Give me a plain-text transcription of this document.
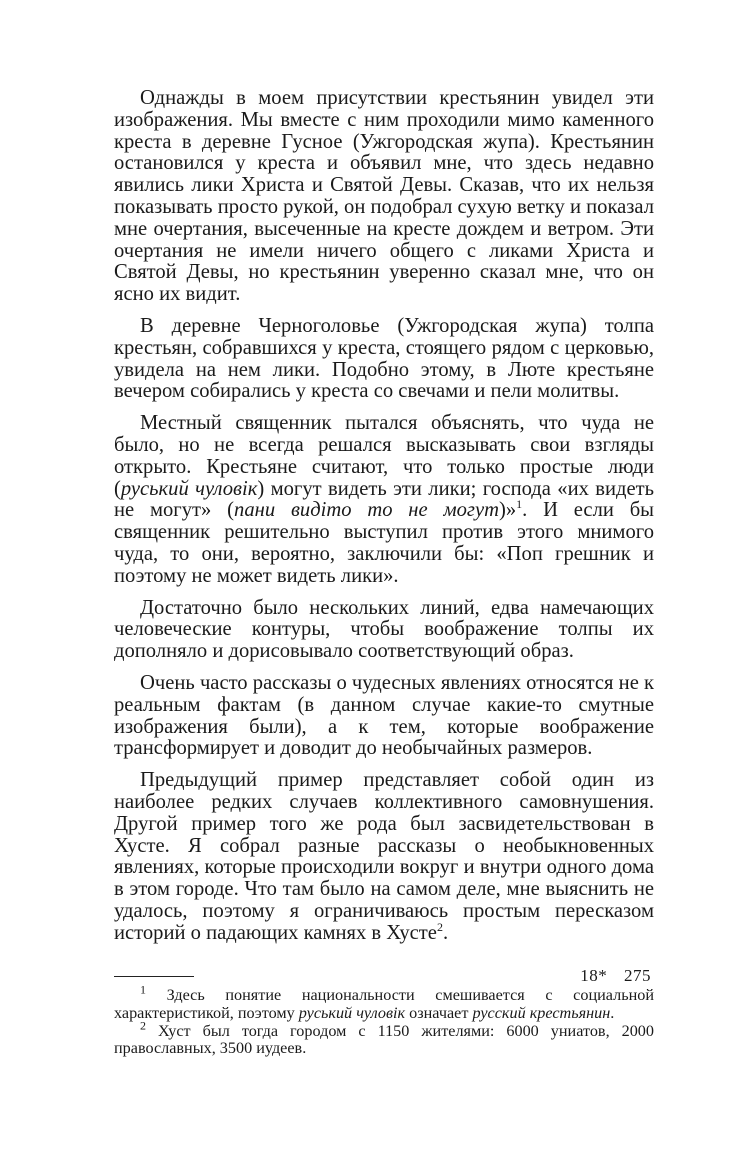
Однажды в моем присутствии крестьянин увидел эти изображения. Мы вместе с ним проходили мимо каменного креста в деревне Гусное (Ужгородская жупа). Крестьянин остановился у креста и объявил мне, что здесь недавно явились лики Христа и Святой Девы. Сказав, что их нельзя показывать просто рукой, он подобрал сухую ветку и показал мне очертания, высеченные на кресте дождем и ветром. Эти очертания не имели ничего общего с ликами Христа и Святой Девы, но крестьянин уверенно сказал мне, что он ясно их видит.

В деревне Черноголовье (Ужгородская жупа) толпа крестьян, собравшихся у креста, стоящего рядом с церковью, увидела на нем лики. Подобно этому, в Люте крестьяне вечером собирались у креста со свечами и пели молитвы.

Местный священник пытался объяснять, что чуда не было, но не всегда решался высказывать свои взгляды открыто. Крестьяне считают, что только простые люди (руський чуловік) могут видеть эти лики; господа «их видеть не могут» (пани видіто то не могут)»$^1$. И если бы священник решительно выступил против этого мнимого чуда, то они, вероятно, заключили бы: «Поп грешник и поэтому не может видеть лики».

Достаточно было нескольких линий, едва намечающих человеческие контуры, чтобы воображение толпы их дополняло и дорисовывало соответствующий образ.

Очень часто рассказы о чудесных явлениях относятся не к реальным фактам (в данном случае какие-то смутные изображения были), а к тем, которые воображение трансформирует и доводит до необычайных размеров.

Предыдущий пример представляет собой один из наиболее редких случаев коллективного самовнушения. Другой пример того же рода был засвидетельствован в Хусте. Я собрал разные рассказы о необыкновенных явлениях, которые происходили вокруг и внутри одного дома в этом городе. Что там было на самом деле, мне выяснить не удалось, поэтому я ограничиваюсь простым пересказом историй о падающих камнях в Хусте$^2$.

$^1$ Здесь понятие национальности смешивается с социальной характеристикой, поэтому руський чуловік означает русский крестьянин.

$^2$ Хуст был тогда городом с 1150 жителями: 6000 униатов, 2000 православных, 3500 иудеев.

18* 275
